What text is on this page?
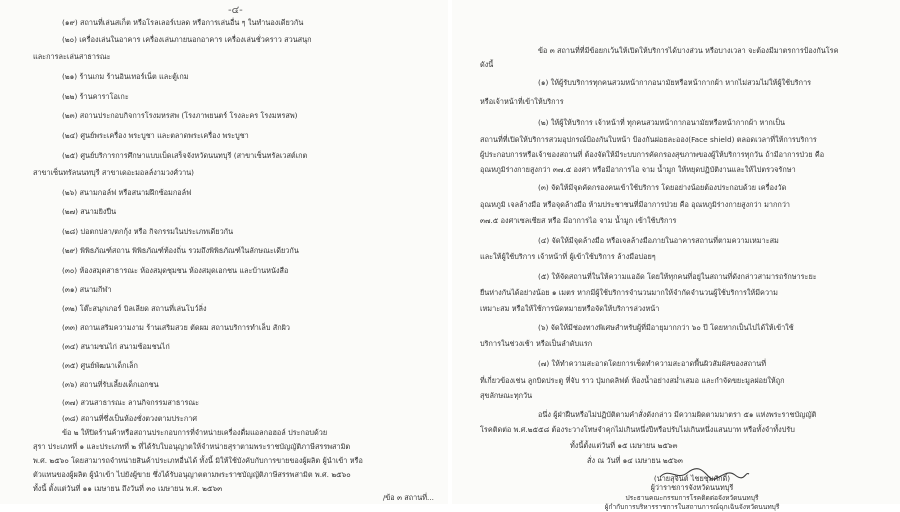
-๔-
(๑๙) สถานที่เล่นสเก็ต หรือโรลเลอร์เบลด หรือการเล่นอื่น ๆ ในทำนองเดียวกัน
(๒๐) เครื่องเล่นในอาคาร เครื่องเล่นภายนอกอาคาร เครื่องเล่นชั่วคราว สวนสนุก
และการละเล่นสาธารณะ
(๒๑) ร้านเกม ร้านอินเทอร์เน็ต และตู้เกม
(๒๒) ร้านคาราโอเกะ
(๒๓) สถานประกอบกิจการโรงมหรสพ (โรงภาพยนตร์ โรงละคร โรงมหรสพ)
(๒๔) ศูนย์พระเครื่อง พระบูชา และตลาดพระเครื่อง พระบูชา
(๒๕) ศูนย์บริการการศึกษาแบบเบ็ดเสร็จจังหวัดนนทบุรี (สาขาเซ็นทรัลเวสต์เกต
สาขาเซ็นทรัลนนทบุรี สาขาเดอะมอลล์งามวงศ์วาน)
(๒๖) สนามกอล์ฟ หรือสนามฝึกซ้อมกอล์ฟ
(๒๗) สนามยิงปืน
(๒๘) บ่อตกปลา/ตกกุ้ง หรือ กิจกรรมในประเภทเดียวกัน
(๒๙) พิพิธภัณฑ์สถาน พิพิธภัณฑ์ท้องถิ่น รวมถึงพิพิธภัณฑ์ในลักษณะเดียวกัน
(๓๐) ห้องสมุดสาธารณะ ห้องสมุดชุมชน ห้องสมุดเอกชน และบ้านหนังสือ
(๓๑) สนามกีฬา
(๓๒) โต๊ะสนุกเกอร์ บิลเลียด สถานที่เล่นโบว์ลิ่ง
(๓๓) สถานเสริมความงาม ร้านเสริมสวย ตัดผม สถานบริการทำเล็บ สักผิว
(๓๔) สนามชนไก่ สนามซ้อมชนไก่
(๓๕) ศูนย์พัฒนาเด็กเล็ก
(๓๖) สถานที่รับเลี้ยงเด็กเอกชน
(๓๗) สวนสาธารณะ ลานกิจกรรมสาธารณะ
(๓๘) สถานที่ซึ่งเป็นห้องชั่งตวงตามประกาศ
ข้อ ๒ ให้ปิดร้านค้าหรือสถานประกอบการที่จำหน่ายเครื่องดื่มแอลกอฮอล์ ประกอบด้วย
สุรา ประเภทที่ ๑ และประเภทที่ ๒ ที่ได้รับใบอนุญาตให้จำหน่ายสุราตามพระราชบัญญัติภาษีสรรพสามิต
พ.ศ. ๒๕๖๐ โดยสามารถจำหน่ายสินค้าประเภทอื่นได้ ทั้งนี้ มิให้ใช้บังคับกับการขายของผู้ผลิต ผู้นำเข้า หรือ
ตัวแทนของผู้ผลิต ผู้นำเข้า ไปยังผู้ขาย ซึ่งได้รับอนุญาตตามพระราชบัญญัติภาษีสรรพสามิต พ.ศ. ๒๕๖๐
ทั้งนี้ ตั้งแต่วันที่ ๑๑ เมษายน ถึงวันที่ ๓๐ เมษายน พ.ศ. ๒๕๖๓
/ข้อ ๓ สถานที่...
ข้อ ๓ สถานที่ที่มีข้อยกเว้นให้เปิดให้บริการได้บางส่วน หรือบางเวลา จะต้องมีมาตรการป้องกันโรค
ดังนี้
(๑) ให้ผู้รับบริการทุกคนสวมหน้ากากอนามัยหรือหน้ากากผ้า หากไม่สวมไม่ให้ผู้ใช้บริการ
หรือเจ้าหน้าที่เข้าให้บริการ
(๒) ให้ผู้ให้บริการ เจ้าหน้าที่ ทุกคนสวมหน้ากากอนามัยหรือหน้ากากผ้า หากเป็น
สถานที่ที่เปิดให้บริการสวมอุปกรณ์ป้องกันใบหน้า ป้องกันฝอยละออง(Face shield) ตลอดเวลาที่ให้การบริการ
ผู้ประกอบการหรือเจ้าของสถานที่ ต้องจัดให้มีระบบการคัดกรองสุขภาพของผู้ให้บริการทุกวัน ถ้ามีอาการป่วย คือ
อุณหภูมิร่างกายสูงกว่า ๓๗.๕ องศา หรือมีอาการไอ จาม น้ำมูก ให้หยุดปฏิบัติงานและให้ไปตรวจรักษา
(๓) จัดให้มีจุดคัดกรองคนเข้าใช้บริการ โดยอย่างน้อยต้องประกอบด้วย เครื่องวัด
อุณหภูมิ เจลล้างมือ หรือจุดล้างมือ ห้ามประชาชนที่มีอาการป่วย คือ อุณหภูมิร่างกายสูงกว่า มากกว่า
๓๗.๕ องศาเซลเซียส หรือ มีอาการไอ จาม น้ำมูก เข้าใช้บริการ
(๔) จัดให้มีจุดล้างมือ หรือเจลล้างมือภายในอาคารสถานที่ตามความเหมาะสม
และให้ผู้ใช้บริการ เจ้าหน้าที่ ผู้เข้าใช้บริการ ล้างมือบ่อยๆ
(๕) ให้จัดสถานที่ในให้ความแออัด โดยให้ทุกคนที่อยู่ในสถานที่ดังกล่าวสามารถรักษาระยะ
ยืนห่างกันได้อย่างน้อย ๑ เมตร หากมีผู้ใช้บริการจำนวนมากให้จำกัดจำนวนผู้ใช้บริการให้มีความ
เหมาะสม หรือให้ใช้การนัดหมายหรือจัดให้บริการล่วงหน้า
(๖) จัดให้มีช่องทางพิเศษสำหรับผู้ที่มีอายุมากกว่า ๖๐ ปี โดยหากเป็นไปได้ให้เข้าใช้
บริการในช่วงเช้า หรือเป็นลำดับแรก
(๗) ให้ทำความสะอาดโดยการเช็ดทำความสะอาดพื้นผิวสัมผัสของสถานที่
ที่เกี่ยวข้องเช่น ลูกบิดประตู ที่จับ ราว ปุ่มกดลิฟต์ ห้องน้ำอย่างสม่ำเสมอ และกำจัดขยะมูลฝอยให้ถูก
สุขลักษณะทุกวัน
อนึ่ง ผู้ฝ่าฝืนหรือไม่ปฏิบัติตามคำสั่งดังกล่าว มีความผิดตามมาตรา ๕๑ แห่งพระราชบัญญัติ
โรคติดต่อ พ.ศ.๒๕๕๘ ต้องระวางโทษจำคุกไม่เกินหนึ่งปีหรือปรับไม่เกินหนึ่งแสนบาท หรือทั้งจำทั้งปรับ
ทั้งนี้ตั้งแต่วันที่ ๑๕ เมษายน ๒๕๖๓
สั่ง ณ วันที่ ๑๔ เมษายน ๒๕๖๓
(นายสุจินต์ ไชยชุมศักดิ์)
ผู้ว่าราชการจังหวัดนนทบุรี
ประธานคณะกรรมการโรคติดต่อจังหวัดนนทบุรี
ผู้กำกับการบริหารราชการในสถานการณ์ฉุกเฉินจังหวัดนนทบุรี
